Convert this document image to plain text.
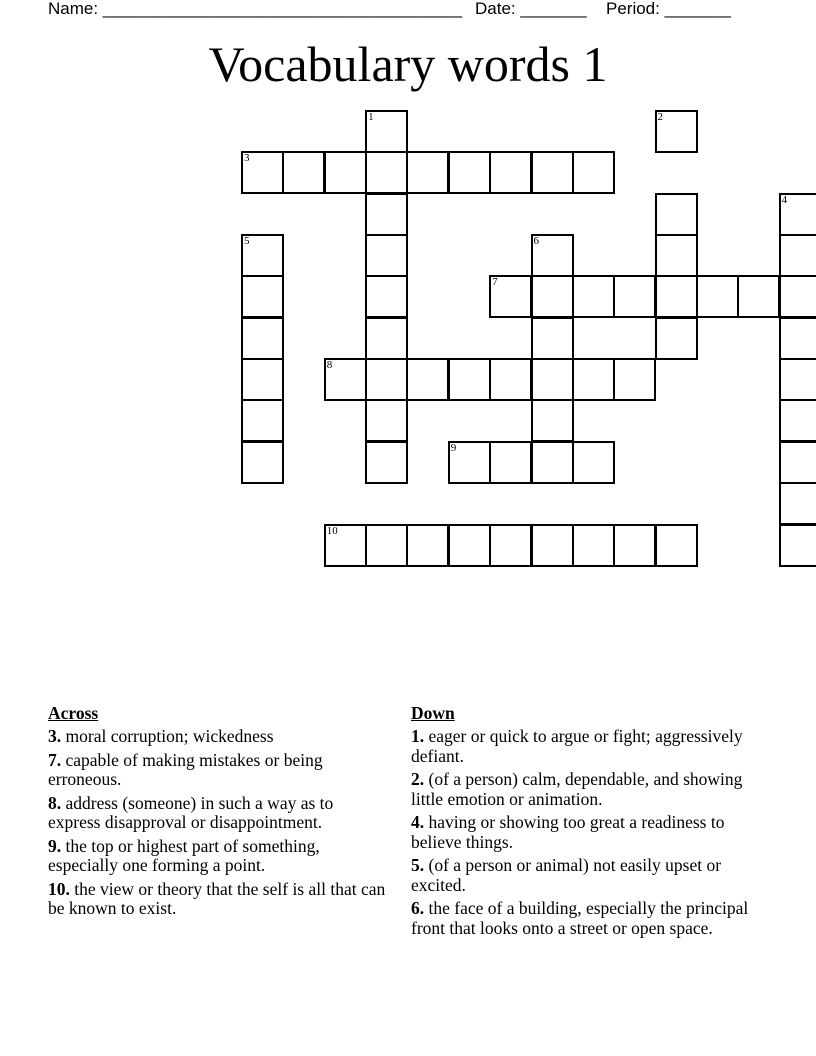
Name: ______________________________________ Date: _______ Period: _______
Vocabulary words 1
3
1	2
4
5	6
7
8
9
10
Across
3. moral corruption; wickedness
7. capable of making mistakes or being erroneous.
8. address (someone) in such a way as to express disapproval or disappointment.
9. the top or highest part of something, especially one forming a point.
10. the view or theory that the self is all that can be known to exist.
Down
1. eager or quick to argue or fight; aggressively defiant.
2. (of a person) calm, dependable, and showing little emotion or animation.
4. having or showing too great a readiness to believe things.
5. (of a person or animal) not easily upset or excited.
6. the face of a building, especially the principal front that looks onto a street or open space.
